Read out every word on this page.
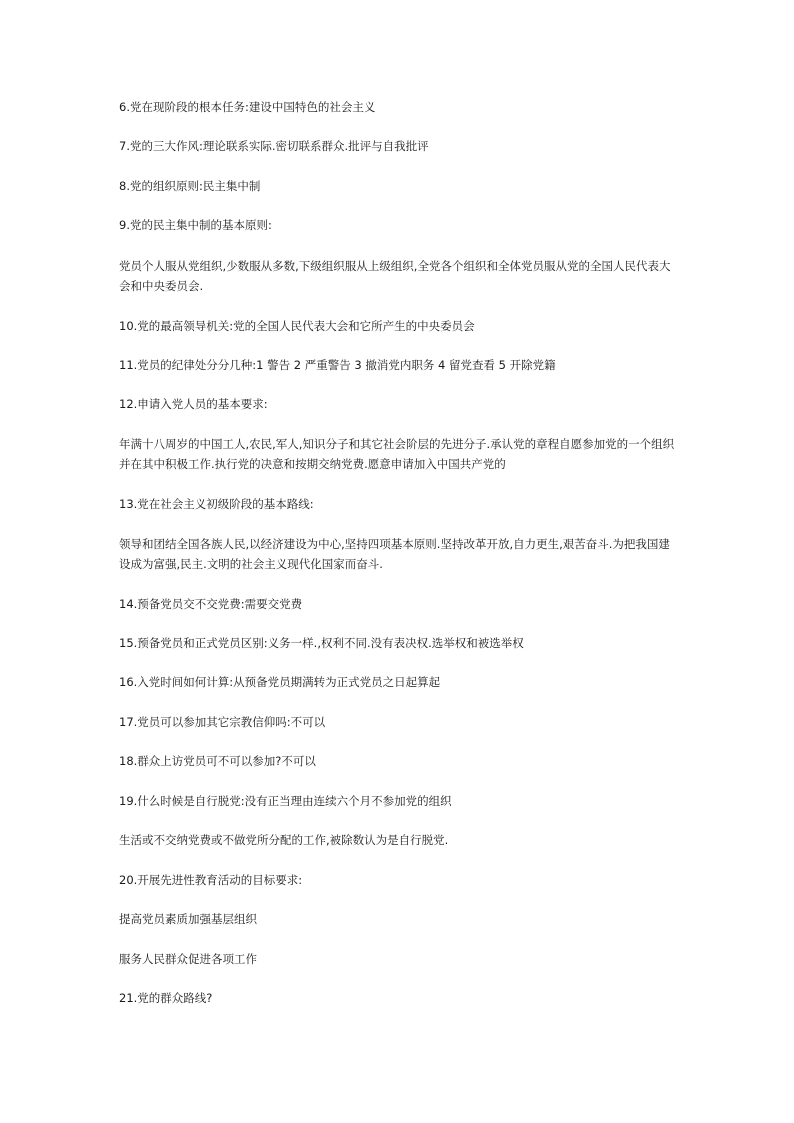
6.党在现阶段的根本任务:建设中国特色的社会主义

7.党的三大作风:理论联系实际.密切联系群众.批评与自我批评

8.党的组织原则:民主集中制

9.党的民主集中制的基本原则:

党员个人服从党组织,少数服从多数,下级组织服从上级组织,全党各个组织和全体党员服从党的全国人民代表大会和中央委员会.

10.党的最高领导机关:党的全国人民代表大会和它所产生的中央委员会

11.党员的纪律处分分几种:1 警告 2 严重警告 3 撤消党内职务 4 留党查看 5 开除党籍

12.申请入党人员的基本要求:

年满十八周岁的中国工人,农民,军人,知识分子和其它社会阶层的先进分子.承认党的章程自愿参加党的一个组织并在其中积极工作.执行党的决意和按期交纳党费.愿意申请加入中国共产党的

13.党在社会主义初级阶段的基本路线:

领导和团结全国各族人民,以经济建设为中心,坚持四项基本原则.坚持改革开放,自力更生,艰苦奋斗.为把我国建设成为富强,民主.文明的社会主义现代化国家而奋斗.

14.预备党员交不交党费:需要交党费

15.预备党员和正式党员区别:义务一样.,权利不同.没有表决权.选举权和被选举权

16.入党时间如何计算:从预备党员期满转为正式党员之日起算起

17.党员可以参加其它宗教信仰吗:不可以

18.群众上访党员可不可以参加?不可以

19.什么时候是自行脱党:没有正当理由连续六个月不参加党的组织

生活或不交纳党费或不做党所分配的工作,被除数认为是自行脱党.

20.开展先进性教育活动的目标要求:

提高党员素质加强基层组织

服务人民群众促进各项工作

21.党的群众路线?
